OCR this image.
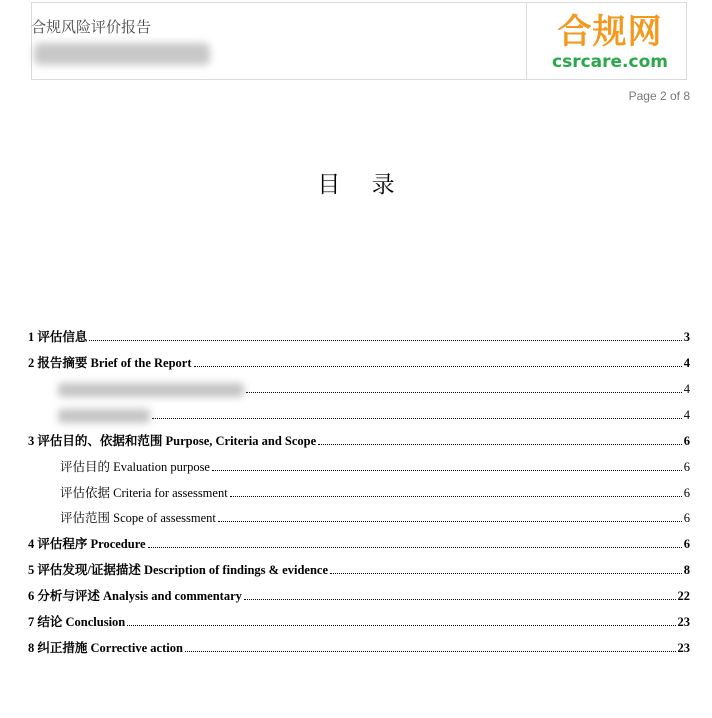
合规风险评价报告	合规网
csrcare.com
Page 2 of 8
目 录
1 评估信息	3
2 报告摘要 Brief of the Report	4
4
4
3 评估目的、依据和范围 Purpose, Criteria and Scope	6
评估目的 Evaluation purpose	6
评估依据 Criteria for assessment	6
评估范围 Scope of assessment	6
4 评估程序 Procedure	6
5 评估发现/证据描述 Description of findings & evidence	8
6 分析与评述 Analysis and commentary	22
7 结论 Conclusion	23
8 纠正措施 Corrective action	23
